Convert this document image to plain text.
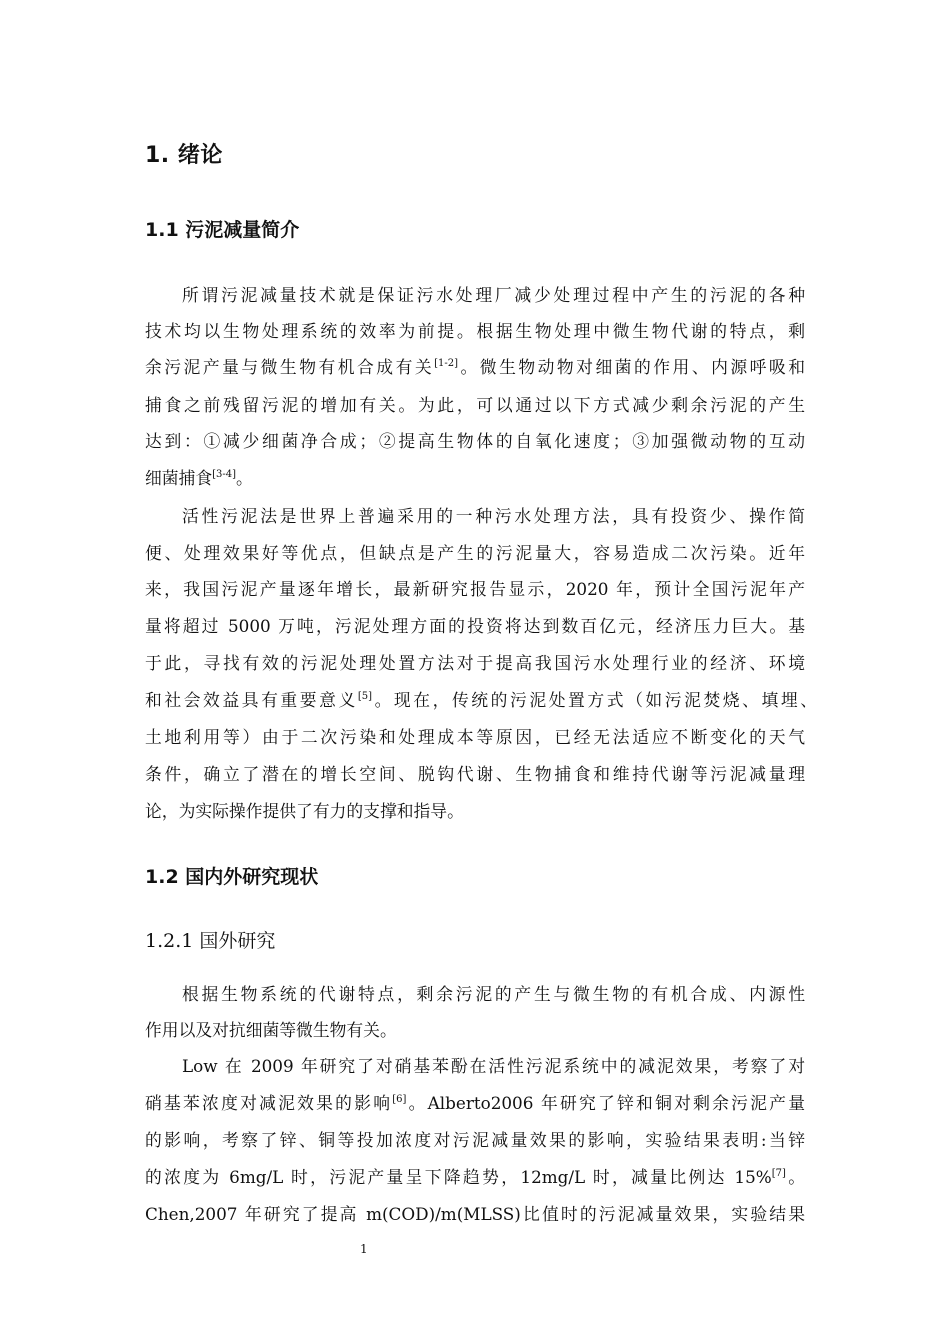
1. 绪论
1.1 污泥减量简介
所谓污泥减量技术就是保证污水处理厂减少处理过程中产生的污泥的各种
技术均以生物处理系统的效率为前提。根据生物处理中微生物代谢的特点，剩
余污泥产量与微生物有机合成有关[1-2]。微生物动物对细菌的作用、内源呼吸和
捕食之前残留污泥的增加有关。为此，可以通过以下方式减少剩余污泥的产生
达到：①减少细菌净合成；②提高生物体的自氧化速度；③加强微动物的互动
细菌捕食[3-4]。
活性污泥法是世界上普遍采用的一种污水处理方法，具有投资少、操作简
便、处理效果好等优点，但缺点是产生的污泥量大，容易造成二次污染。近年
来，我国污泥产量逐年增长，最新研究报告显示，2020 年，预计全国污泥年产
量将超过 5000 万吨，污泥处理方面的投资将达到数百亿元，经济压力巨大。基
于此，寻找有效的污泥处理处置方法对于提高我国污水处理行业的经济、环境
和社会效益具有重要意义[5]。现在，传统的污泥处置方式（如污泥焚烧、填埋、
土地利用等）由于二次污染和处理成本等原因，已经无法适应不断变化的天气
条件，确立了潜在的增长空间、脱钩代谢、生物捕食和维持代谢等污泥减量理
论，为实际操作提供了有力的支撑和指导。
1.2 国内外研究现状
1.2.1 国外研究
根据生物系统的代谢特点，剩余污泥的产生与微生物的有机合成、内源性
作用以及对抗细菌等微生物有关。
Low 在 2009 年研究了对硝基苯酚在活性污泥系统中的减泥效果，考察了对
硝基苯浓度对减泥效果的影响[6]。Alberto2006 年研究了锌和铜对剩余污泥产量
的影响，考察了锌、铜等投加浓度对污泥减量效果的影响，实验结果表明:当锌
的浓度为 6mg/L 时，污泥产量呈下降趋势，12mg/L 时，减量比例达 15%[7]。
Chen,2007 年研究了提高 m(COD)/m(MLSS)比值时的污泥减量效果，实验结果
1
